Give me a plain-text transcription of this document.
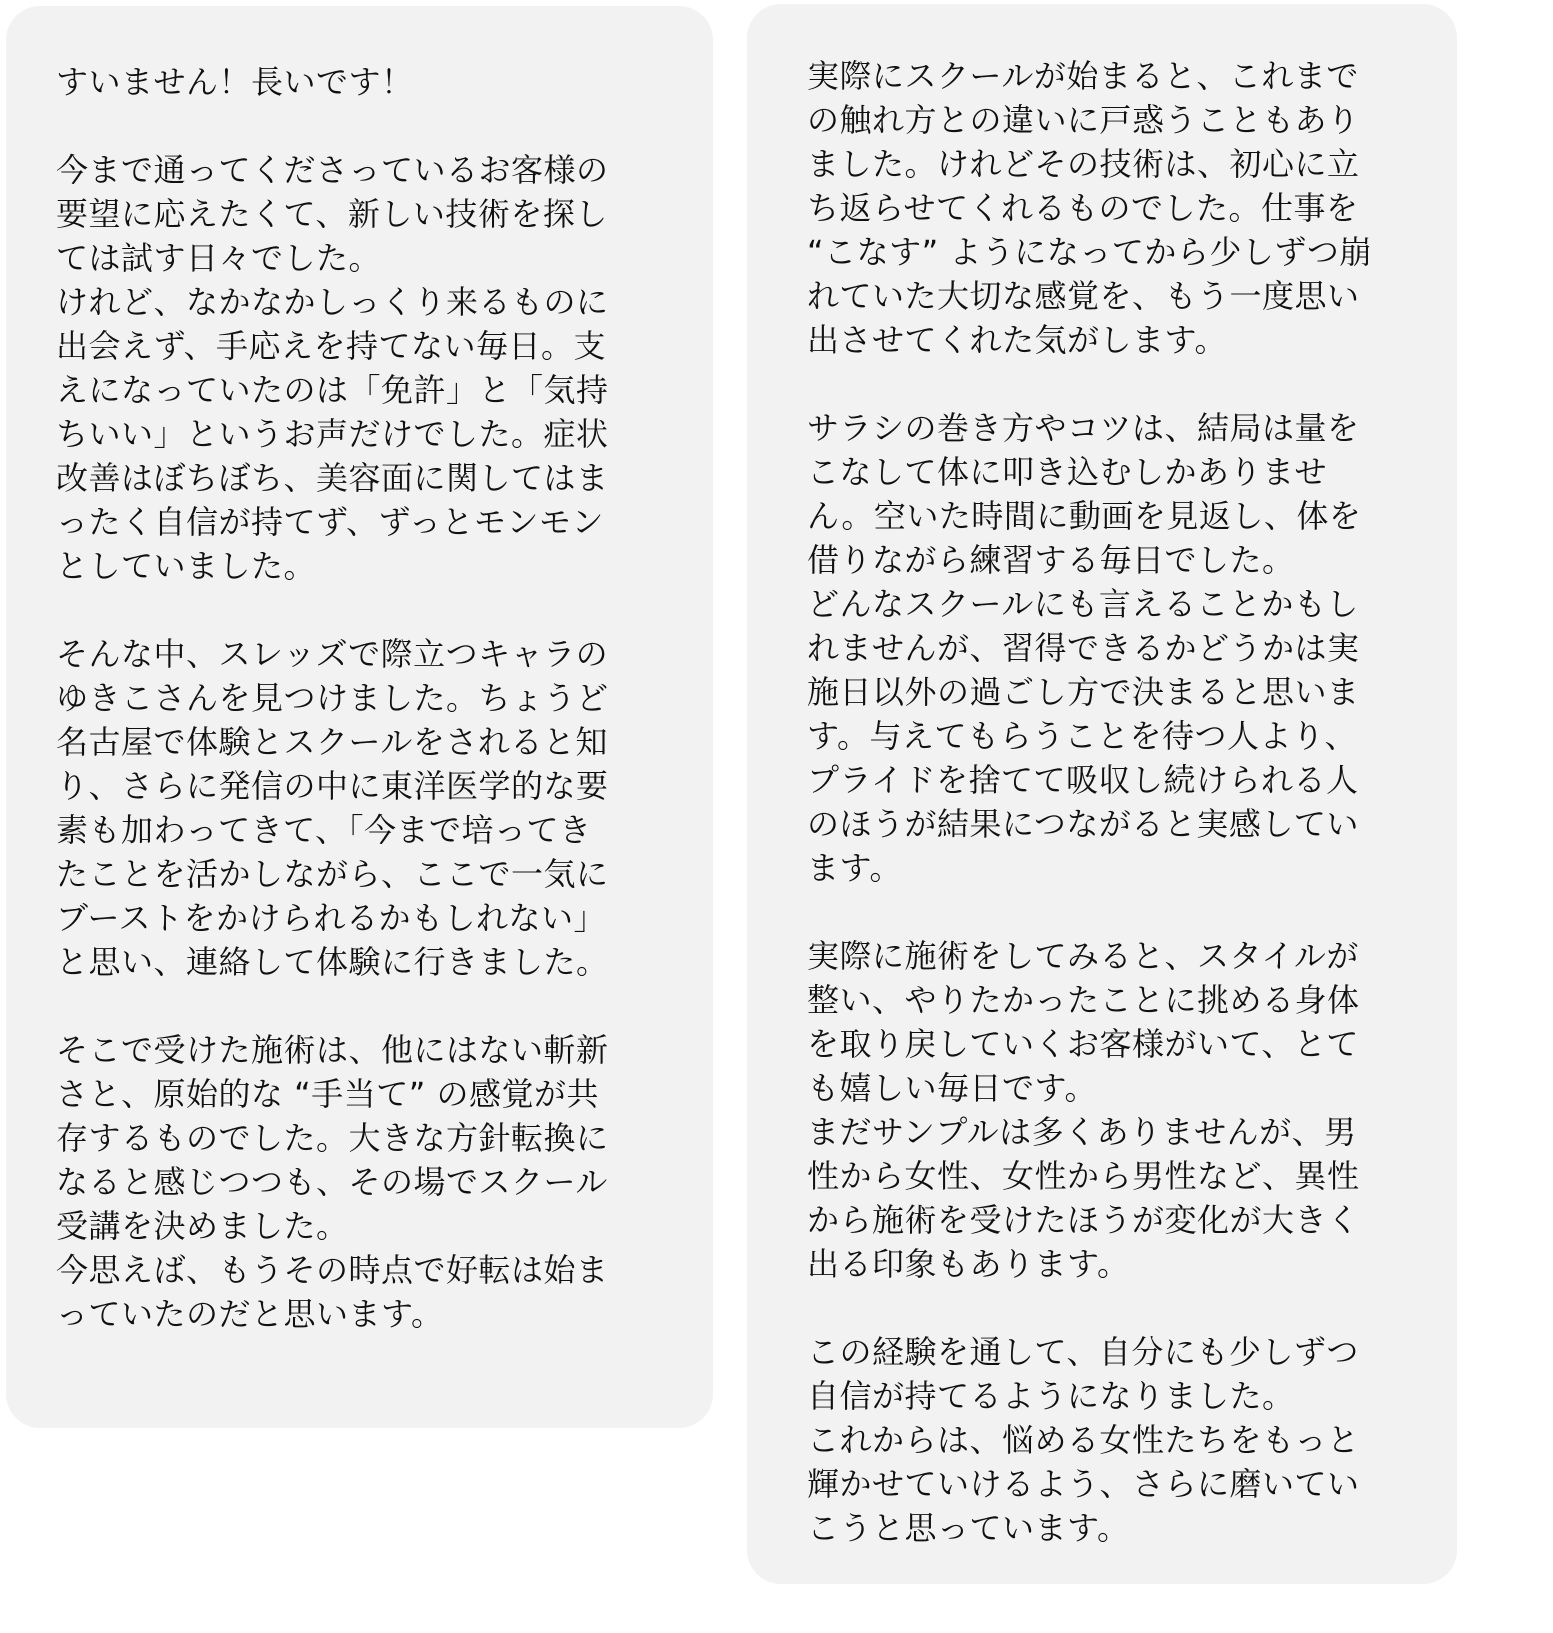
すいません！長いです！
今まで通ってくださっているお客様の
要望に応えたくて、新しい技術を探し
ては試す日々でした。
けれど、なかなかしっくり来るものに
出会えず、手応えを持てない毎日。支
えになっていたのは「免許」と「気持
ちいい」というお声だけでした。症状
改善はぼちぼち、美容面に関してはま
ったく自信が持てず、ずっとモンモン
としていました。
そんな中、スレッズで際立つキャラの
ゆきこさんを見つけました。ちょうど
名古屋で体験とスクールをされると知
り、さらに発信の中に東洋医学的な要
素も加わってきて、「今まで培ってき
たことを活かしながら、ここで一気に
ブーストをかけられるかもしれない」
と思い、連絡して体験に行きました。
そこで受けた施術は、他にはない斬新
さと、原始的な “手当て” の感覚が共
存するものでした。大きな方針転換に
なると感じつつも、その場でスクール
受講を決めました。
今思えば、もうその時点で好転は始ま
っていたのだと思います。
実際にスクールが始まると、これまで
の触れ方との違いに戸惑うこともあり
ました。けれどその技術は、初心に立
ち返らせてくれるものでした。仕事を
“こなす” ようになってから少しずつ崩
れていた大切な感覚を、もう一度思い
出させてくれた気がします。
サラシの巻き方やコツは、結局は量を
こなして体に叩き込むしかありませ
ん。空いた時間に動画を見返し、体を
借りながら練習する毎日でした。
どんなスクールにも言えることかもし
れませんが、習得できるかどうかは実
施日以外の過ごし方で決まると思いま
す。与えてもらうことを待つ人より、
プライドを捨てて吸収し続けられる人
のほうが結果につながると実感してい
ます。
実際に施術をしてみると、スタイルが
整い、やりたかったことに挑める身体
を取り戻していくお客様がいて、とて
も嬉しい毎日です。
まだサンプルは多くありませんが、男
性から女性、女性から男性など、異性
から施術を受けたほうが変化が大きく
出る印象もあります。
この経験を通して、自分にも少しずつ
自信が持てるようになりました。
これからは、悩める女性たちをもっと
輝かせていけるよう、さらに磨いてい
こうと思っています。
